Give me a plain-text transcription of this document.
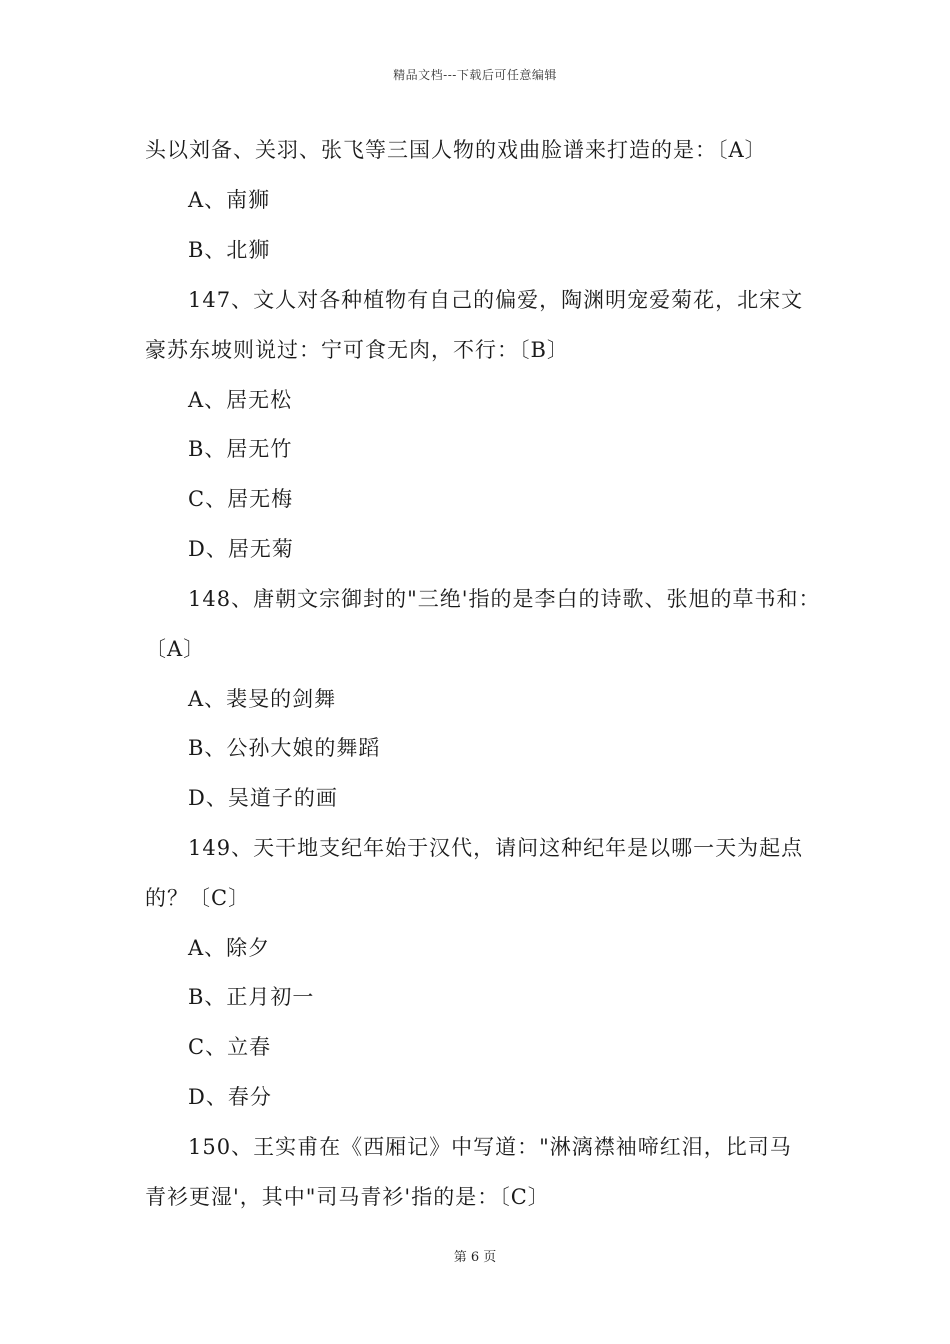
精品文档---下载后可任意编辑
头以刘备、关羽、张飞等三国人物的戏曲脸谱来打造的是：〔A〕
A、南狮
B、北狮
147、文人对各种植物有自己的偏爱，陶渊明宠爱菊花，北宋文
豪苏东坡则说过：宁可食无肉，不行：〔B〕
A、居无松
B、居无竹
C、居无梅
D、居无菊
148、唐朝文宗御封的"三绝'指的是李白的诗歌、张旭的草书和：
〔A〕
A、裴旻的剑舞
B、公孙大娘的舞蹈
D、吴道子的画
149、天干地支纪年始于汉代，请问这种纪年是以哪一天为起点
的？〔C〕
A、除夕
B、正月初一
C、立春
D、春分
150、王实甫在《西厢记》中写道："淋漓襟袖啼红泪，比司马
青衫更湿'，其中"司马青衫'指的是：〔C〕
第 6 页
